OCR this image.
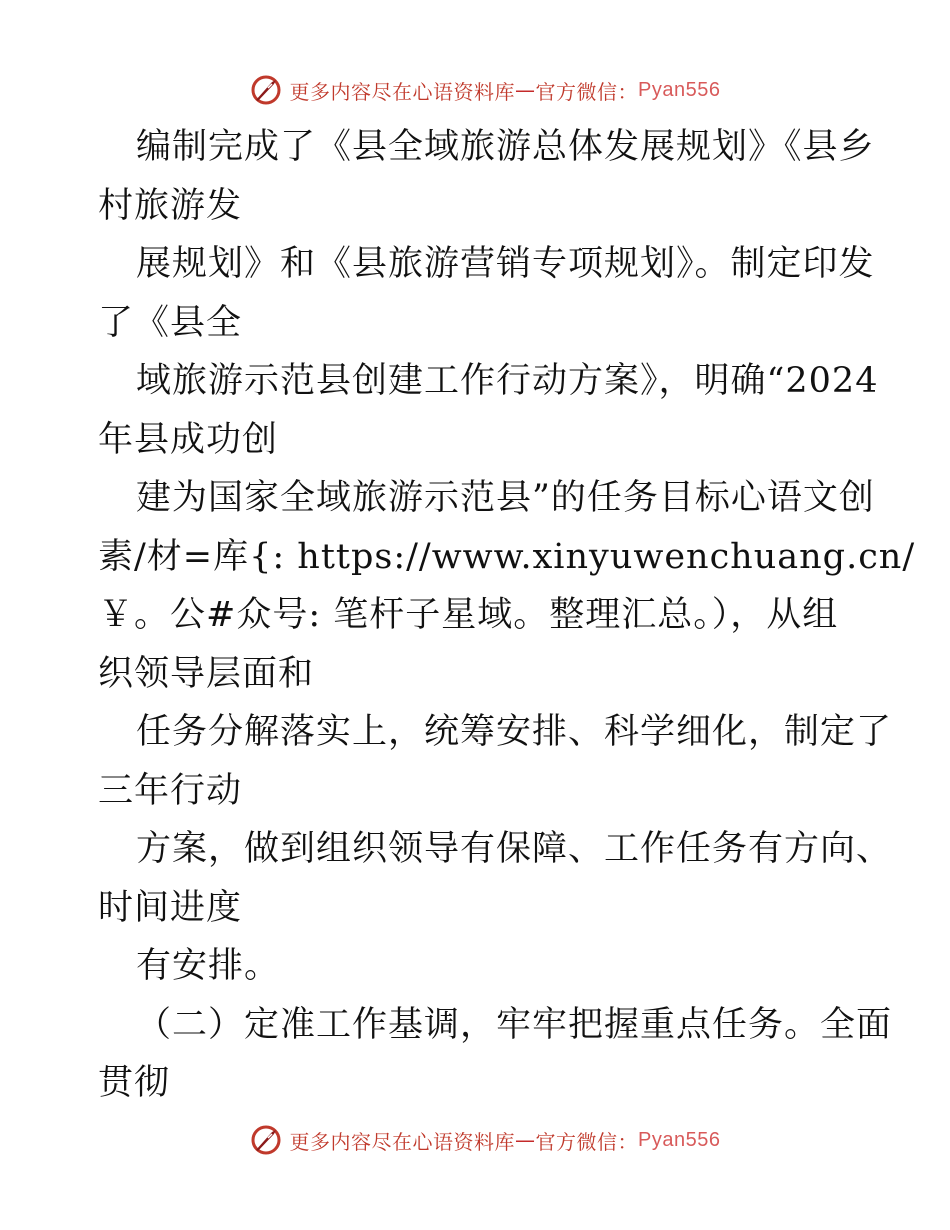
更多内容尽在心语资料库 — 官方微信： Pyan556
编制完成了《县全域旅游总体发展规划》《县乡
村旅游发
展规划》和《县旅游营销专项规划》。制定印发
了《县全
域旅游示范县创建工作行动方案》，明确“2024
年县成功创
建为国家全域旅游示范县”的任务目标心语文创
素/材=库{: https://www.xinyuwenchuang.cn/
￥。公#众号: 笔杆子星域。整理汇总。），从组
织领导层面和
任务分解落实上，统筹安排、科学细化，制定了
三年行动
方案，做到组织领导有保障、工作任务有方向、
时间进度
有安排。
（二）定准工作基调，牢牢把握重点任务。全面
贯彻
更多内容尽在心语资料库 — 官方微信： Pyan556
